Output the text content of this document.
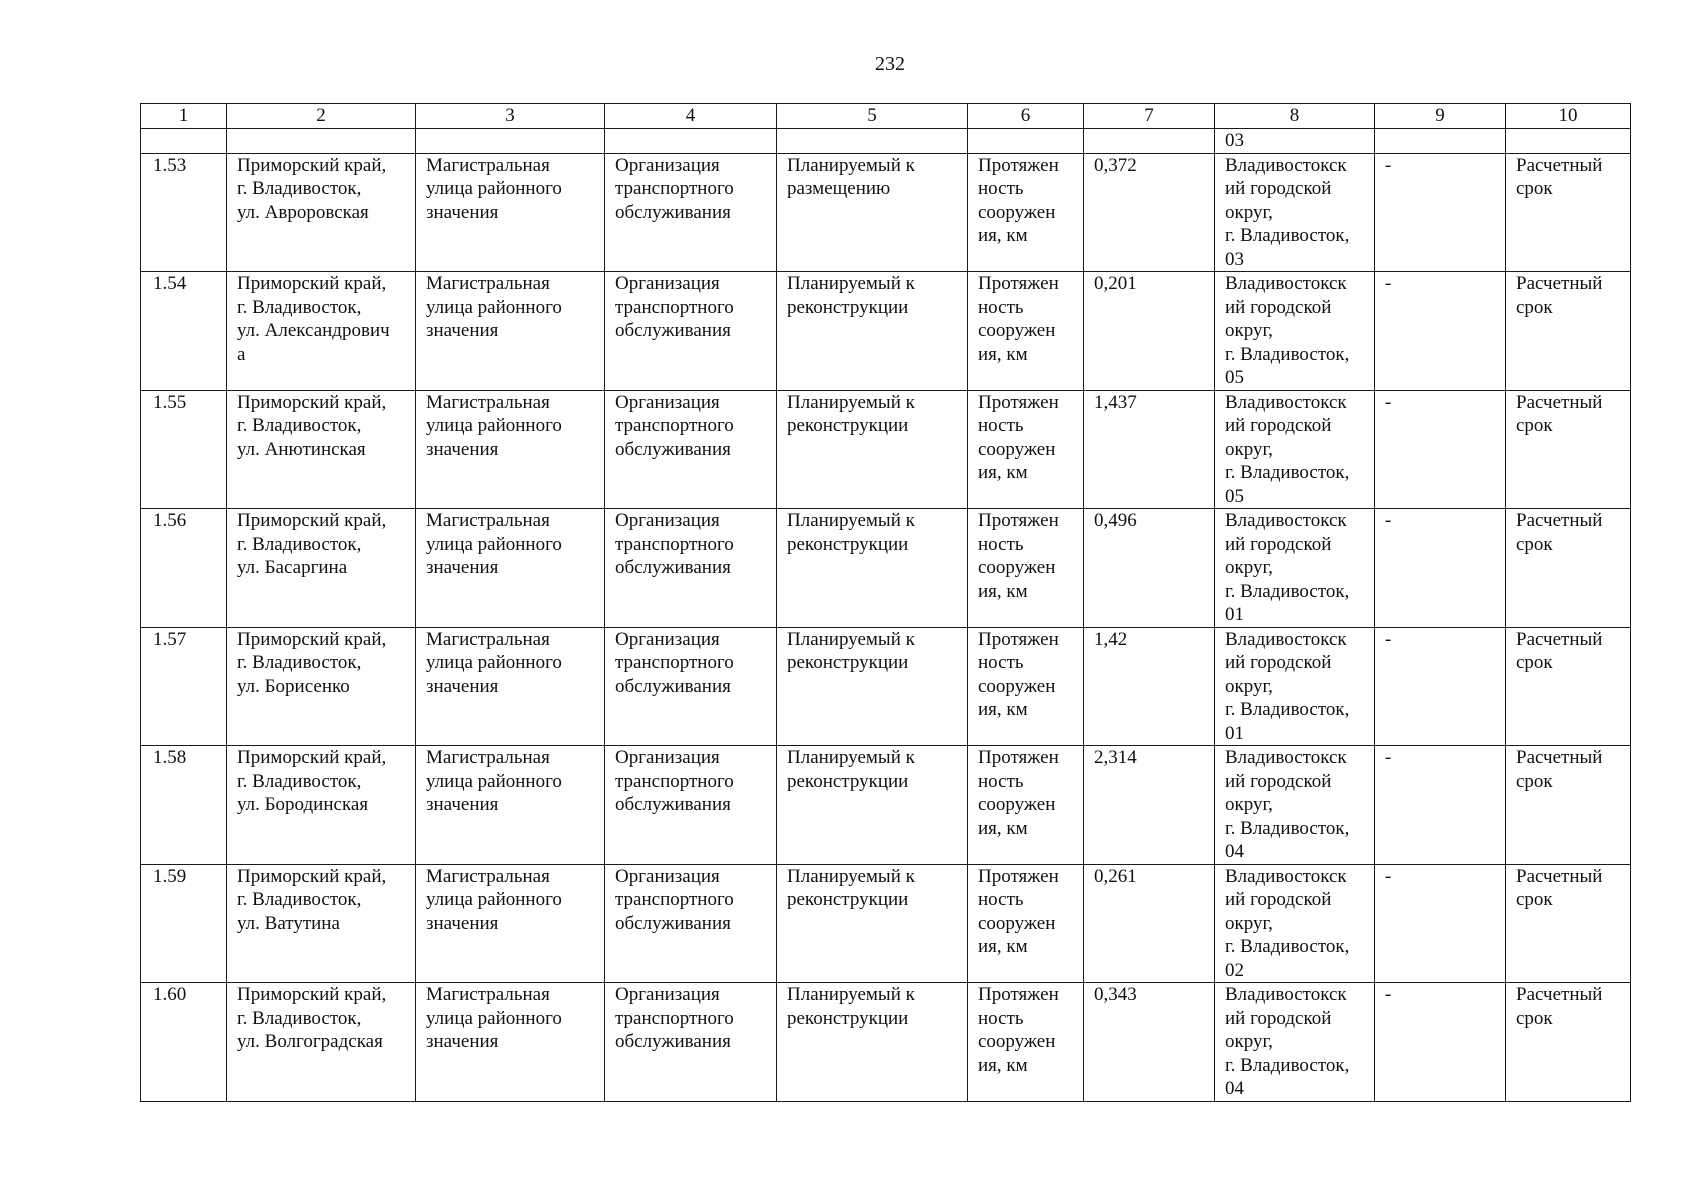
232
1	2	3	4	5	6	7	8	9	10
							03		
1.53	Приморский край,
г. Владивосток,
ул. Авроровская	Магистральная
улица районного
значения	Организация
транспортного
обслуживания	Планируемый к
размещению	Протяжен
ность
сооружен
ия, км	0,372	Владивостокск
ий городской
округ,
г. Владивосток,
03	-	Расчетный
срок

1.54	Приморский край,
г. Владивосток,
ул. Александрович
а	Магистральная
улица районного
значения	Организация
транспортного
обслуживания	Планируемый к
реконструкции	Протяжен
ность
сооружен
ия, км	0,201	Владивостокск
ий городской
округ,
г. Владивосток,
05	-	Расчетный
срок

1.55	Приморский край,
г. Владивосток,
ул. Анютинская	Магистральная
улица районного
значения	Организация
транспортного
обслуживания	Планируемый к
реконструкции	Протяжен
ность
сооружен
ия, км	1,437	Владивостокск
ий городской
округ,
г. Владивосток,
05	-	Расчетный
срок

1.56	Приморский край,
г. Владивосток,
ул. Басаргина	Магистральная
улица районного
значения	Организация
транспортного
обслуживания	Планируемый к
реконструкции	Протяжен
ность
сооружен
ия, км	0,496	Владивостокск
ий городской
округ,
г. Владивосток,
01	-	Расчетный
срок

1.57	Приморский край,
г. Владивосток,
ул. Борисенко	Магистральная
улица районного
значения	Организация
транспортного
обслуживания	Планируемый к
реконструкции	Протяжен
ность
сооружен
ия, км	1,42	Владивостокск
ий городской
округ,
г. Владивосток,
01	-	Расчетный
срок

1.58	Приморский край,
г. Владивосток,
ул. Бородинская	Магистральная
улица районного
значения	Организация
транспортного
обслуживания	Планируемый к
реконструкции	Протяжен
ность
сооружен
ия, км	2,314	Владивостокск
ий городской
округ,
г. Владивосток,
04	-	Расчетный
срок

1.59	Приморский край,
г. Владивосток,
ул. Ватутина	Магистральная
улица районного
значения	Организация
транспортного
обслуживания	Планируемый к
реконструкции	Протяжен
ность
сооружен
ия, км	0,261	Владивостокск
ий городской
округ,
г. Владивосток,
02	-	Расчетный
срок

1.60	Приморский край,
г. Владивосток,
ул. Волгоградская	Магистральная
улица районного
значения	Организация
транспортного
обслуживания	Планируемый к
реконструкции	Протяжен
ность
сооружен
ия, км	0,343	Владивостокск
ий городской
округ,
г. Владивосток,
04	-	Расчетный
срок
